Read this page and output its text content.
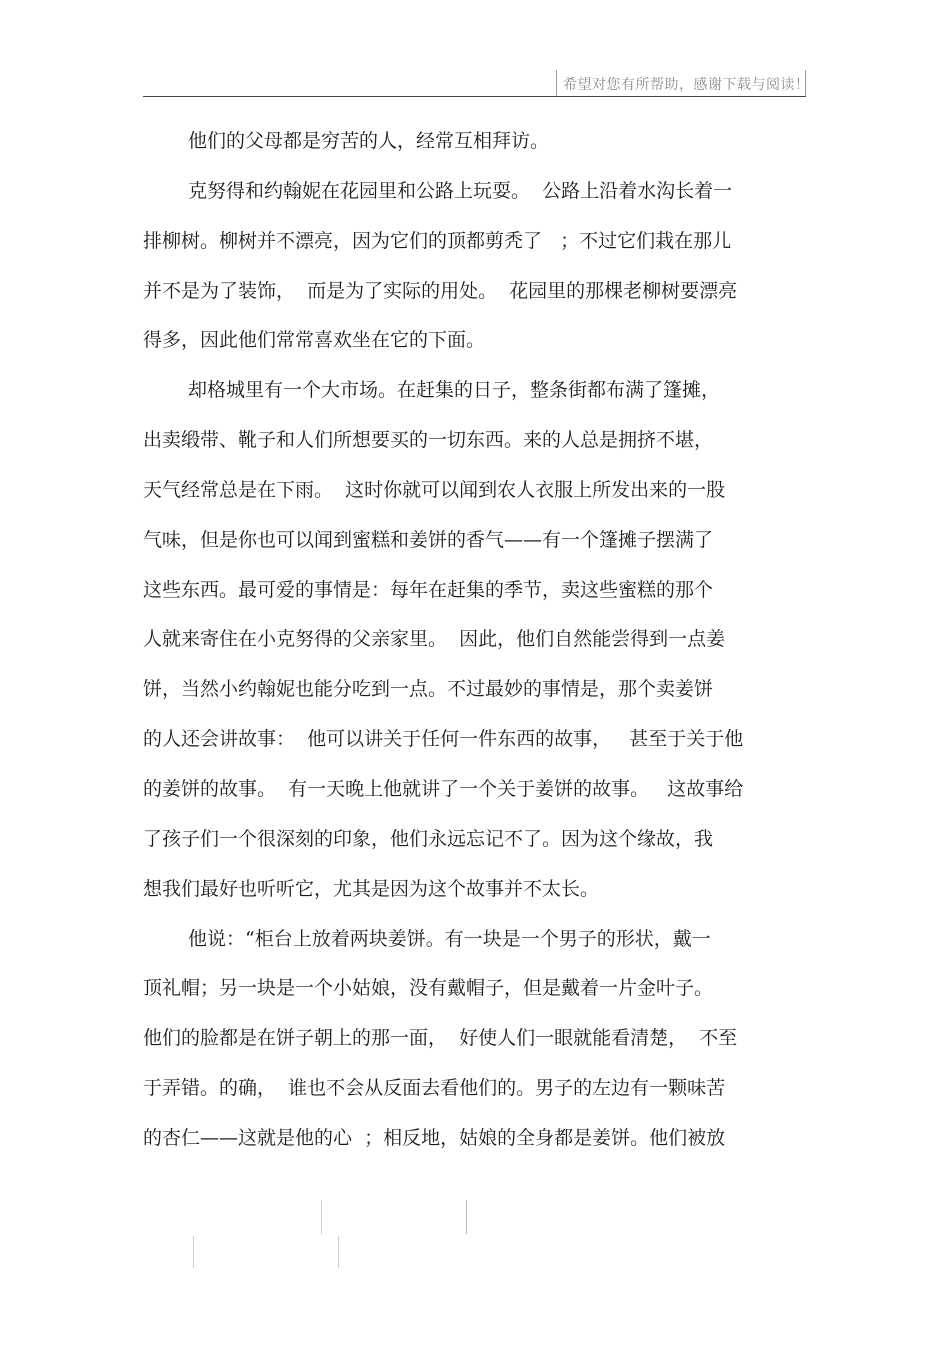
希望对您有所帮助，感谢下载与阅读！
他们的父母都是穷苦的人，经常互相拜访。
克努得和约翰妮在花园里和公路上玩耍。  公路上沿着水沟长着一
排柳树。柳树并不漂亮，因为它们的顶都剪秃了   ；不过它们栽在那儿
并不是为了装饰，  而是为了实际的用处。  花园里的那棵老柳树要漂亮
得多，因此他们常常喜欢坐在它的下面。
却格城里有一个大市场。在赶集的日子，整条街都布满了篷摊，
出卖缎带、靴子和人们所想要买的一切东西。来的人总是拥挤不堪，
天气经常总是在下雨。  这时你就可以闻到农人衣服上所发出来的一股
气味，但是你也可以闻到蜜糕和姜饼的香气——有一个篷摊子摆满了
这些东西。最可爱的事情是：每年在赶集的季节，卖这些蜜糕的那个
人就来寄住在小克努得的父亲家里。  因此，他们自然能尝得到一点姜
饼，当然小约翰妮也能分吃到一点。不过最妙的事情是，那个卖姜饼
的人还会讲故事：  他可以讲关于任何一件东西的故事，   甚至于关于他
的姜饼的故事。  有一天晚上他就讲了一个关于姜饼的故事。   这故事给
了孩子们一个很深刻的印象，他们永远忘记不了。因为这个缘故，我
想我们最好也听听它，尤其是因为这个故事并不太长。
他说：“柜台上放着两块姜饼。有一块是一个男子的形状，戴一
顶礼帽；另一块是一个小姑娘，没有戴帽子，但是戴着一片金叶子。
他们的脸都是在饼子朝上的那一面，  好使人们一眼就能看清楚，  不至
于弄错。的确，  谁也不会从反面去看他们的。男子的左边有一颗味苦
的杏仁——这就是他的心  ；相反地，姑娘的全身都是姜饼。他们被放
